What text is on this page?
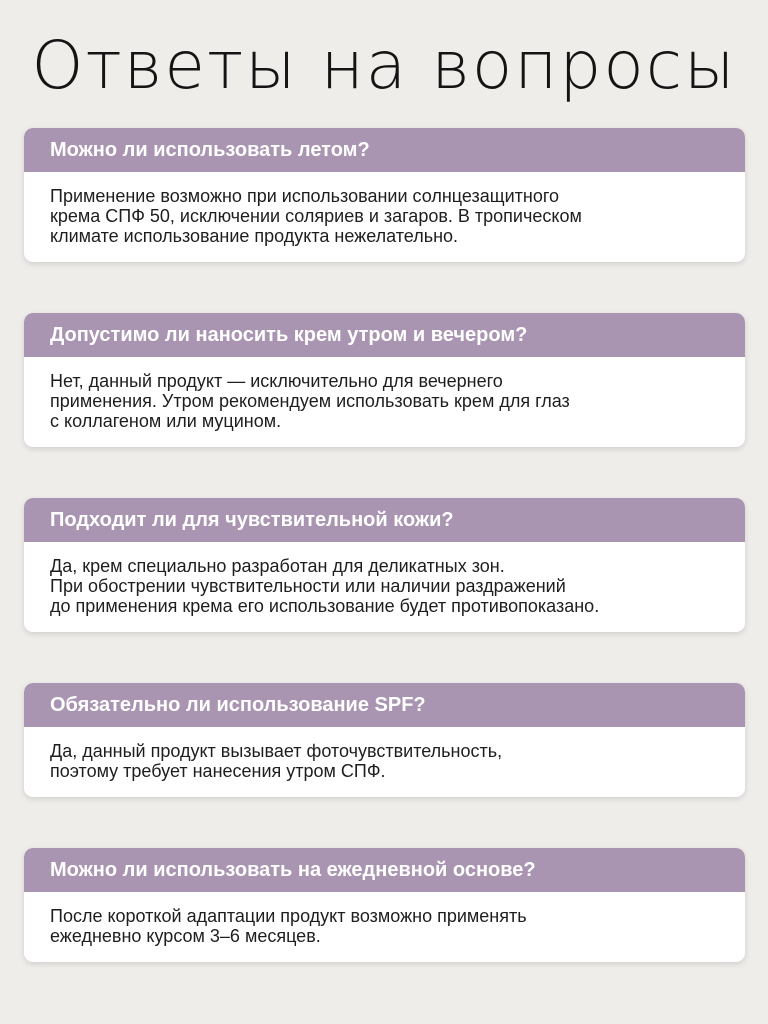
Ответы на вопросы
Можно ли использовать летом?
Применение возможно при использовании солнцезащитного
крема СПФ 50, исключении соляриев и загаров. В тропическом
климате использование продукта нежелательно.
Допустимо ли наносить крем утром и вечером?
Нет, данный продукт — исключительно для вечернего
применения. Утром рекомендуем использовать крем для глаз
с коллагеном или муцином.
Подходит ли для чувствительной кожи?
Да, крем специально разработан для деликатных зон.
При обострении чувствительности или наличии раздражений
до применения крема его использование будет противопоказано.
Обязательно ли использование SPF?
Да, данный продукт вызывает фоточувствительность,
поэтому требует нанесения утром СПФ.
Можно ли использовать на ежедневной основе?
После короткой адаптации продукт возможно применять
ежедневно курсом 3–6 месяцев.
